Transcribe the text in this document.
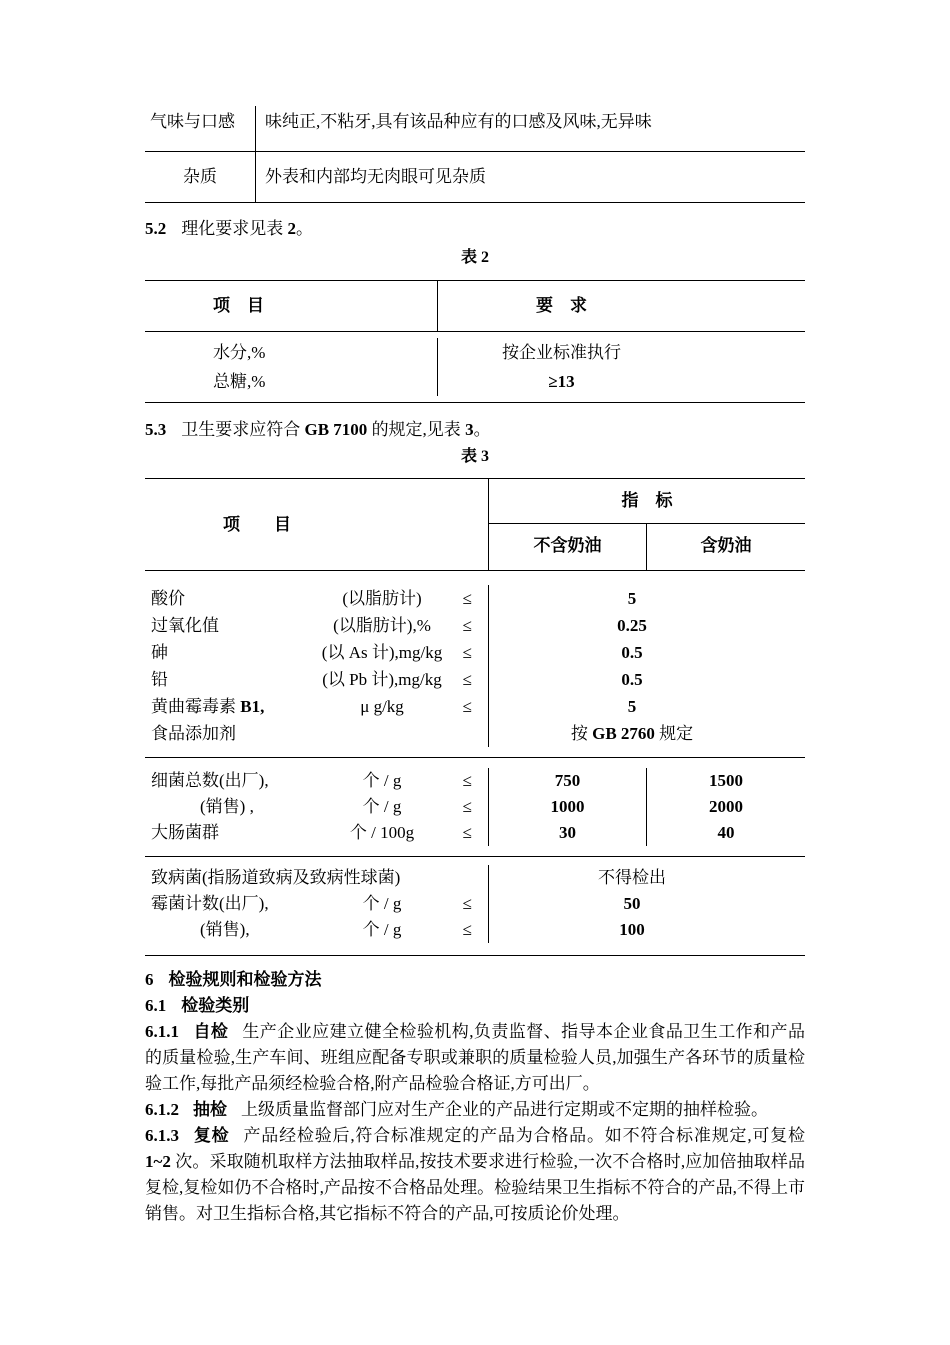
气味与口感	味纯正,不粘牙,具有该品种应有的口感及风味,无异味
杂质	外表和内部均无肉眼可见杂质

5.2 理化要求见表 2。

表 2
项　目	要　求
水分,%	按企业标准执行
总糖,%	≥13

5.3 卫生要求应符合 GB 7100 的规定,见表 3。

表 3
项　　目
指　标
不含奶油	含奶油
酸价	(以脂肪计)	≤	5
过氧化值	(以脂肪计),%	≤	0.25
砷	(以 As 计),mg/kg	≤	0.5
铅	(以 Pb 计),mg/kg	≤	0.5
黄曲霉毒素 B1,	μ g/kg	≤	5
食品添加剂	按 GB 2760 规定
细菌总数(出厂),	个 / g	≤	750	1500
(销售) ,	个 / g	≤	1000	2000
大肠菌群	个 / 100g	≤	30	40
致病菌(指肠道致病及致病性球菌)	不得检出
霉菌计数(出厂),	个 / g	≤	50
(销售),	个 / g	≤	100

6 检验规则和检验方法

6.1 检验类别

6.1.1 自检 生产企业应建立健全检验机构,负责监督、指导本企业食品卫生工作和产品的质量检验,生产车间、班组应配备专职或兼职的质量检验人员,加强生产各环节的质量检验工作,每批产品须经检验合格,附产品检验合格证,方可出厂。

6.1.2 抽检 上级质量监督部门应对生产企业的产品进行定期或不定期的抽样检验。

6.1.3 复检 产品经检验后,符合标准规定的产品为合格品。如不符合标准规定,可复检 1~2 次。采取随机取样方法抽取样品,按技术要求进行检验,一次不合格时,应加倍抽取样品复检,复检如仍不合格时,产品按不合格品处理。检验结果卫生指标不符合的产品,不得上市销售。对卫生指标合格,其它指标不符合的产品,可按质论价处理。
